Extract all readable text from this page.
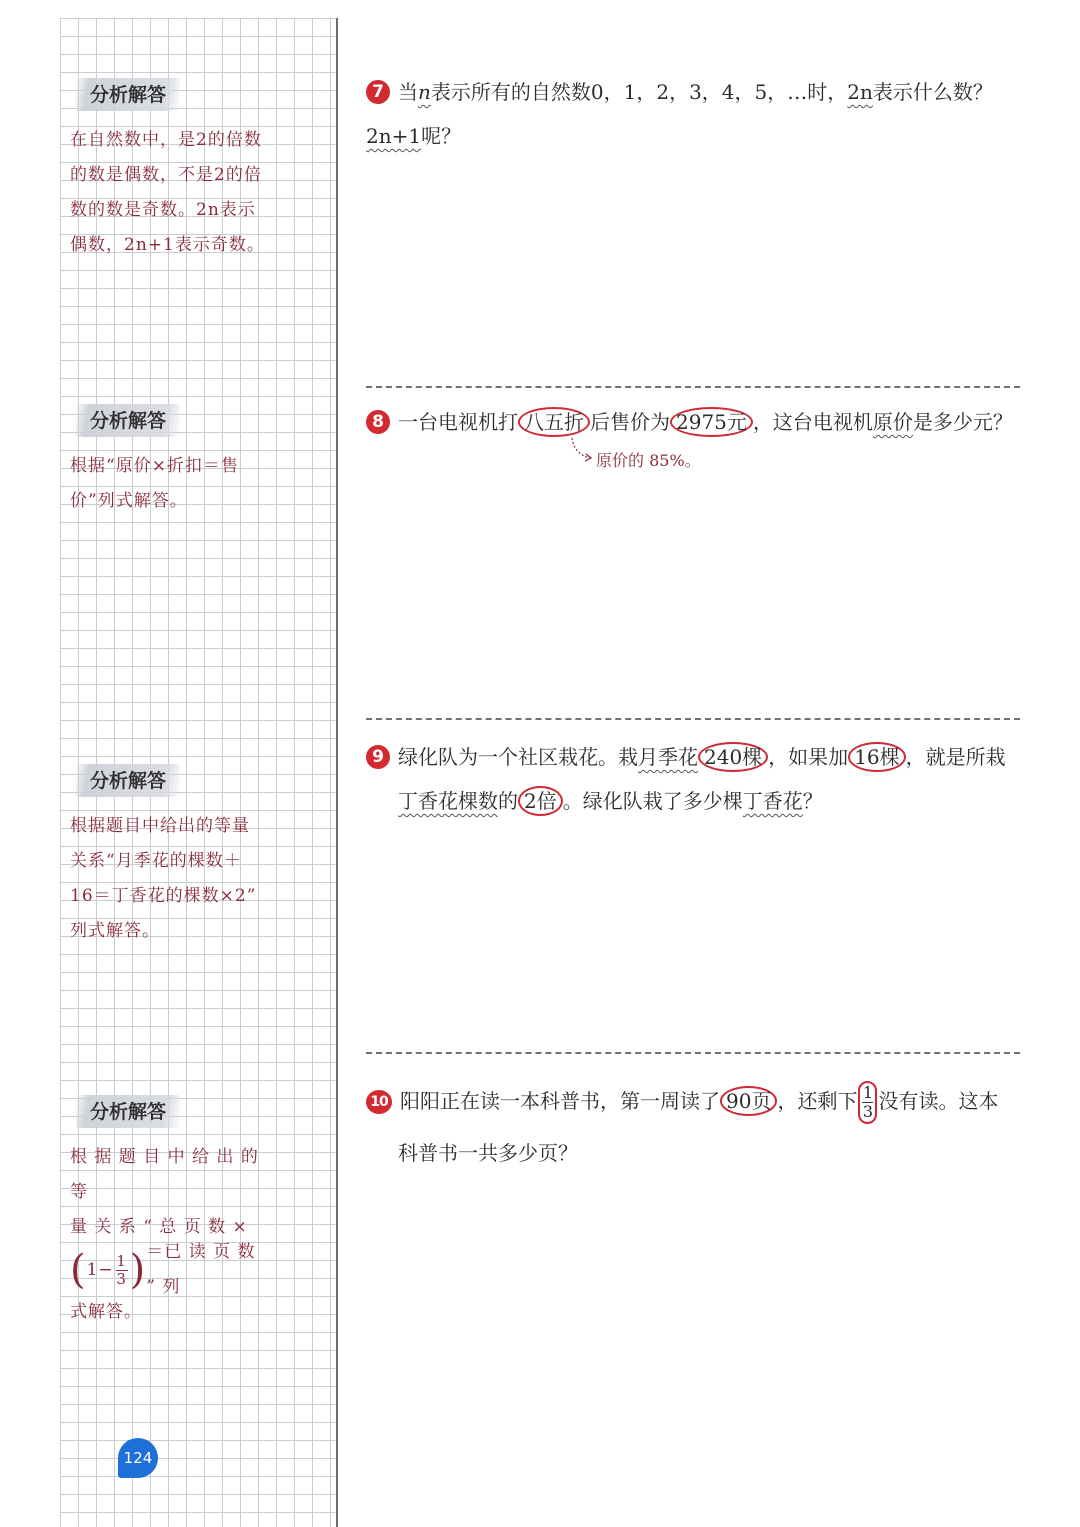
分析解答
在自然数中，是2的倍数
的数是偶数，不是2的倍
数的数是奇数。2n表示
偶数，2n+1表示奇数。
分析解答
根据“原价×折扣＝售
价”列式解答。
分析解答
根据题目中给出的等量
关系“月季花的棵数＋
16＝丁香花的棵数×2”
列式解答。
分析解答
根 据 题 目 中 给 出 的 等
量 关 系 “ 总 页 数 ×
( $1- \frac{1}{3}$ ) ＝已 读 页 数 ” 列
式解答。
124
7 当n表示所有的自然数0，1，2，3，4，5，…时，2n表示什么数？2n+1呢？
8 一台电视机打 八五折 后售价为 2975元 ，这台电视机原价是多少元？
原价的 85%。
9 绿化队为一个社区栽花。栽月季花 240棵 ，如果加 16棵 ，就是所栽
丁香花棵数的 2倍 。绿化队栽了多少棵丁香花？
10 阳阳正在读一本科普书，第一周读了 90页 ，还剩下 $\frac{1}{3}$ 没有读。这本
科普书一共多少页？
